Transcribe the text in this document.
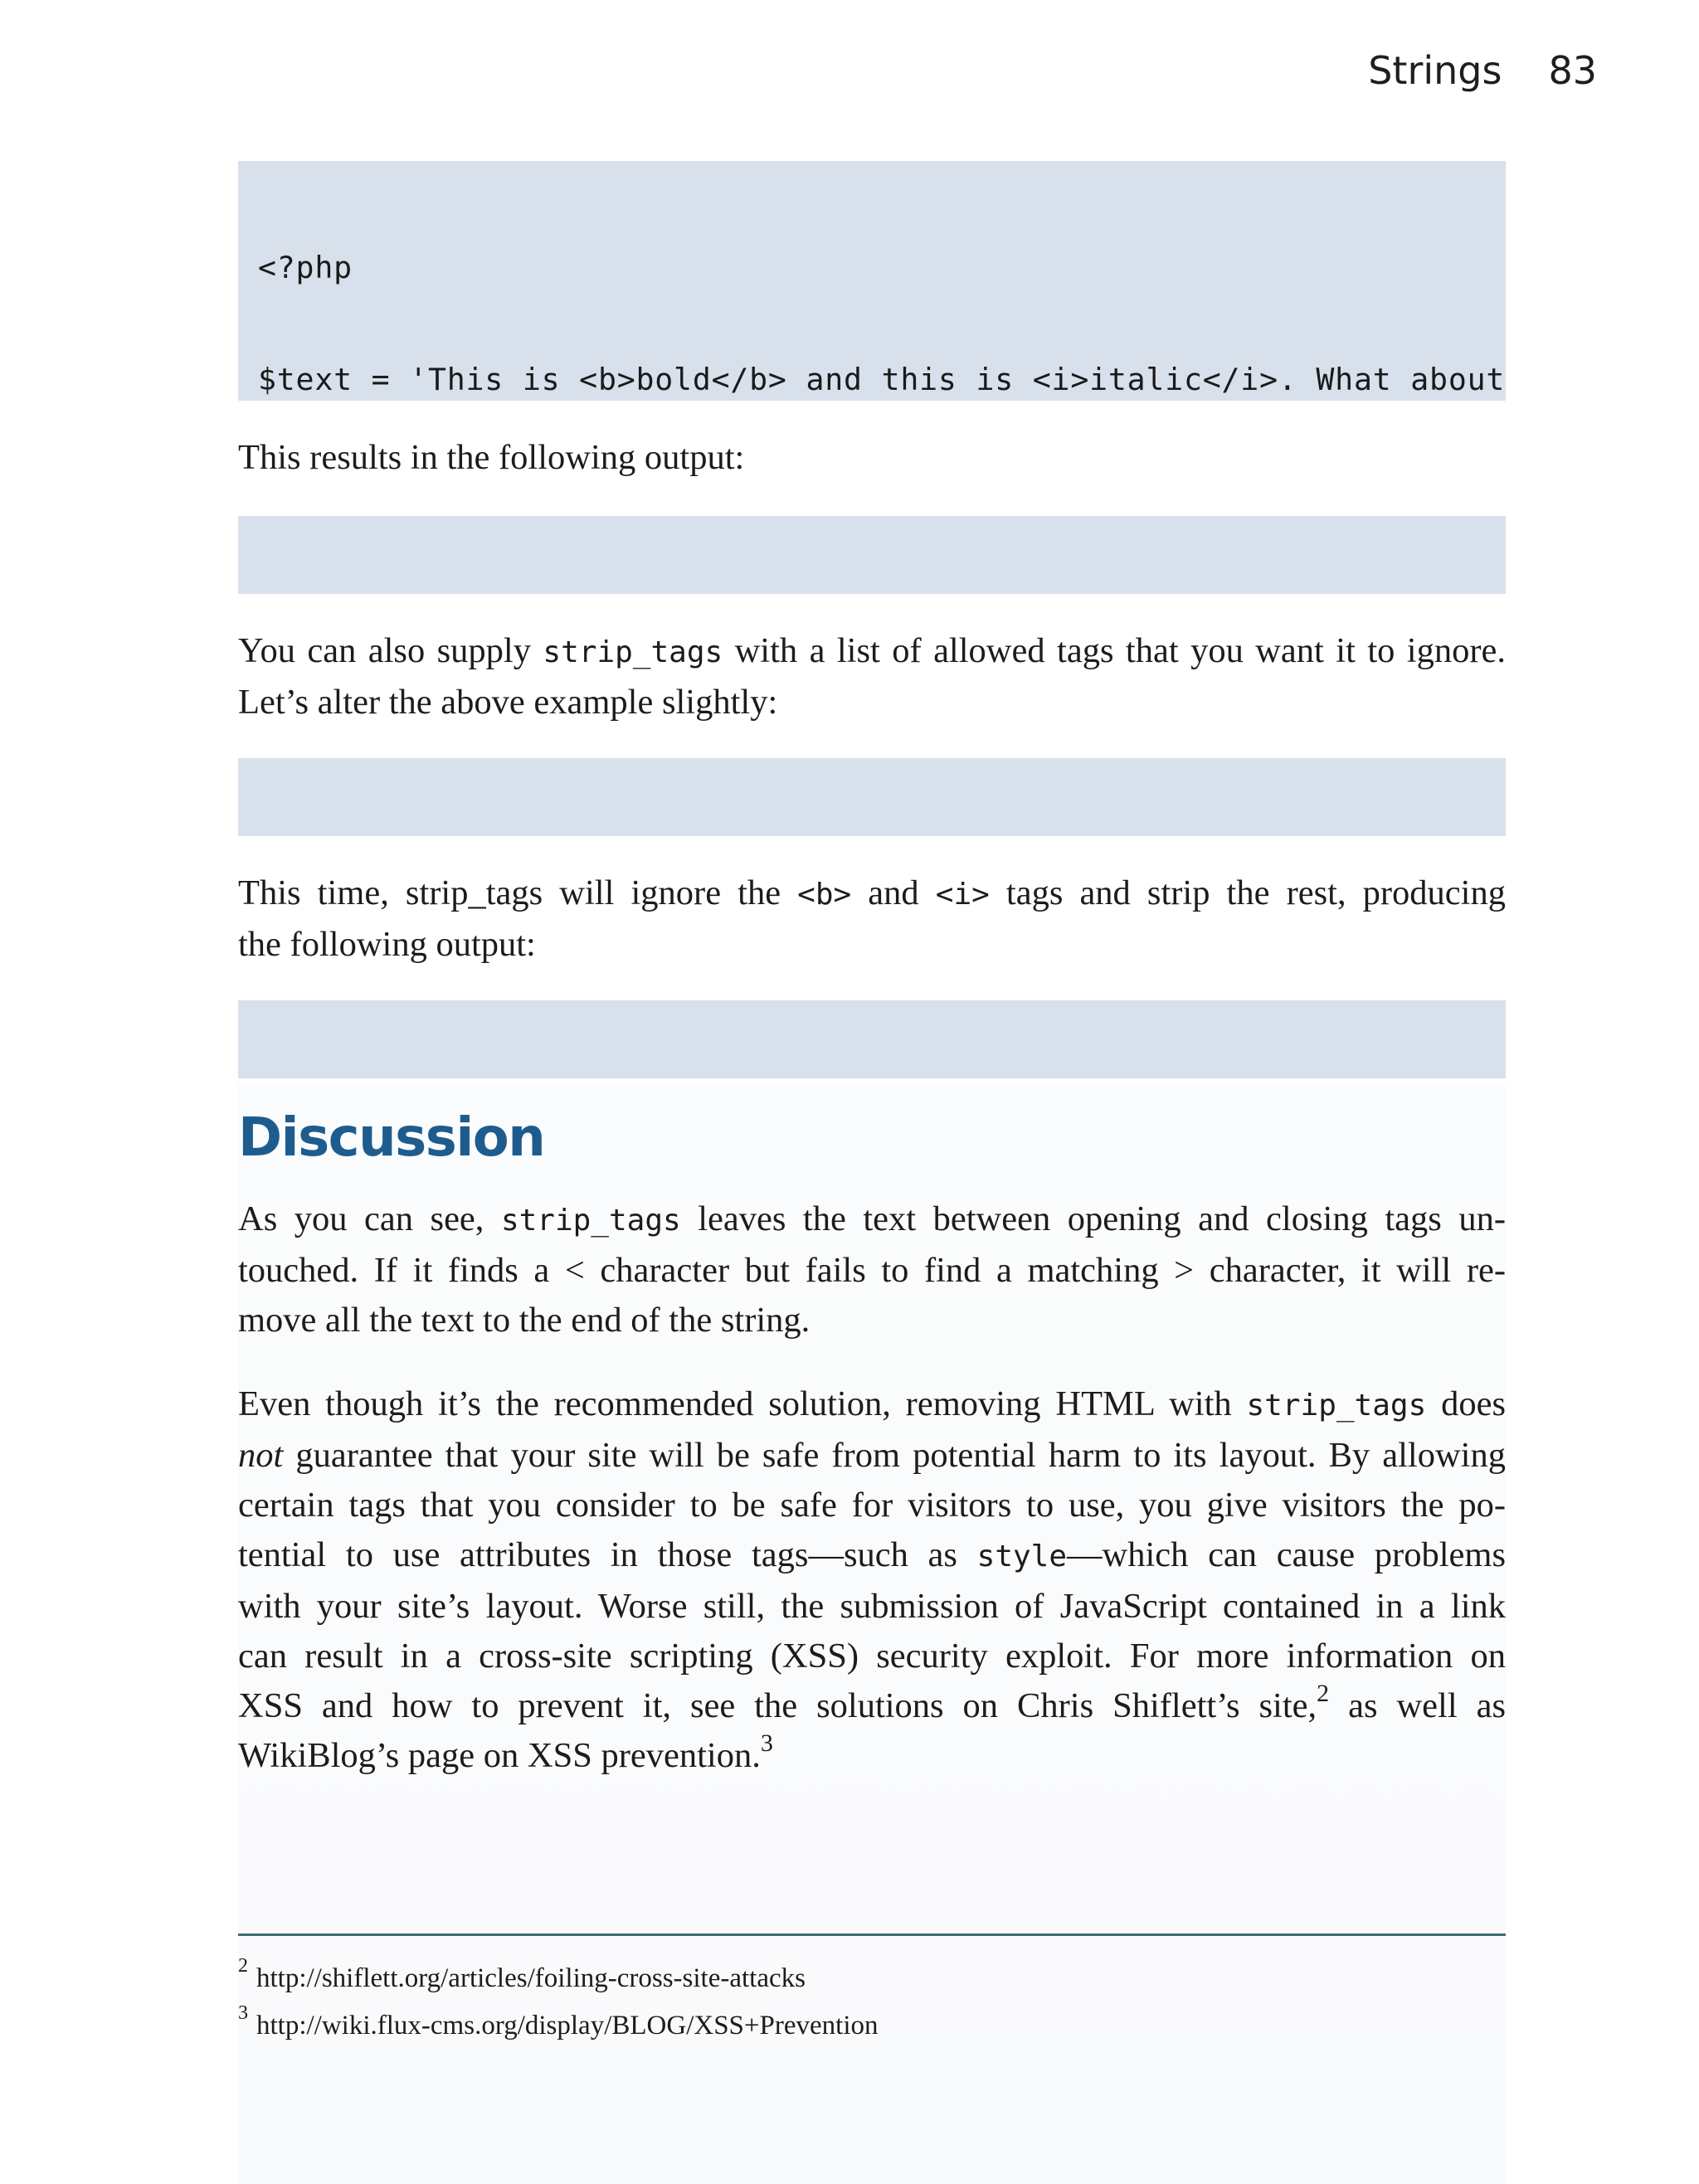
Strings 83

<?php

$text = 'This is <b>bold</b> and this is <i>italic</i>. What about

This results in the following output:

You can also supply strip_tags with a list of allowed tags that you want it to ignore.
Let’s alter the above example slightly:

This time, strip_tags will ignore the <b> and <i> tags and strip the rest, producing
the following output:

Discussion
As you can see, strip_tags leaves the text between opening and closing tags un-
touched. If it finds a < character but fails to find a matching > character, it will re-
move all the text to the end of the string.
Even though it’s the recommended solution, removing HTML with strip_tags does
not guarantee that your site will be safe from potential harm to its layout. By allowing
certain tags that you consider to be safe for visitors to use, you give visitors the po-
tential to use attributes in those tags—such as style—which can cause problems
with your site’s layout. Worse still, the submission of JavaScript contained in a link
can result in a cross-site scripting (XSS) security exploit. For more information on
XSS and how to prevent it, see the solutions on Chris Shiflett’s site,$^2$ as well as
WikiBlog’s page on XSS prevention.$^3$
$^2$ http://shiflett.org/articles/foiling-cross-site-attacks
$^3$ http://wiki.flux-cms.org/display/BLOG/XSS+Prevention
